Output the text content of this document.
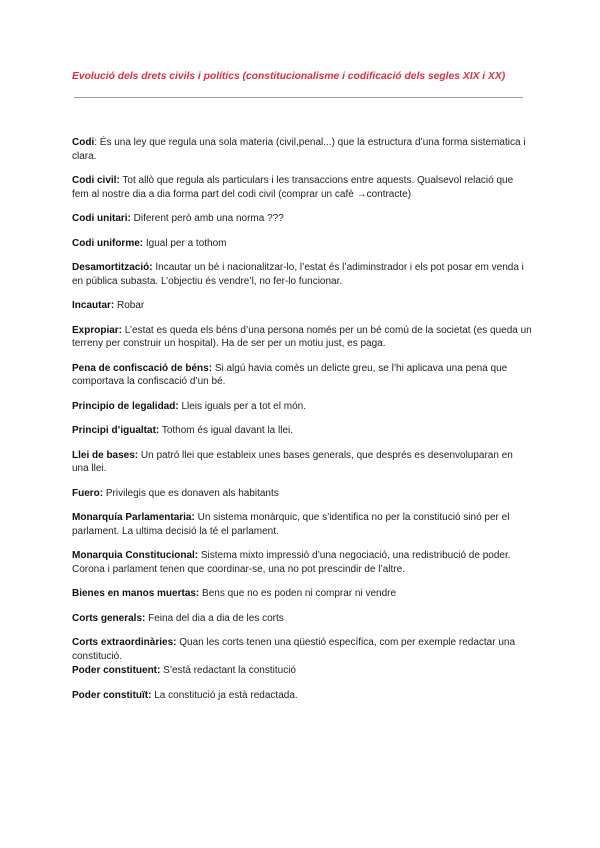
Evolució dels drets civils i polítics (constitucionalisme i codificació dels segles XIX i XX)

Codi: És una ley que regula una sola materia (civil,penal...) que la estructura d’una forma sistematica i clara.

Codi civil: Tot allò que regula als particulars i les transaccions entre aquests. Qualsevol relació que fem al nostre dia a dia forma part del codi civil (comprar un cafè →contracte)

Codi unitari: Diferent però amb una norma ???

Codi uniforme: Igual per a tothom

Desamortització: Incautar un bé i nacionalitzar-lo, l’estat és l’adiminstrador i els pot posar em venda i en pública subasta. L’objectiu és vendre’l, no fer-lo funcionar.

Incautar: Robar

Expropiar: L’estat es queda els béns d’una persona només per un bé comú de la societat (es queda un terreny per construir un hospital). Ha de ser per un motiu just, es paga.

Pena de confiscació de béns: Si algú havia comès un delicte greu, se l’hi aplicava una pena que comportava la confiscació d’un bé.

Principio de legalidad: Lleis iguals per a tot el món.

Principi d’igualtat: Tothom és igual davant la llei.

Llei de bases: Un patró llei que estableix unes bases generals, que després es desenvoluparan en una llei.

Fuero: Privilegis que es donaven als habitants

Monarquía Parlamentaria: Un sistema monàrquic, que s’identifica no per la constitució sinó per el parlament. La ultima decisió la té el parlament.

Monarquia Constitucional: Sistema mixto impressió d’una negociació, una redistribució de poder. Corona i parlament tenen que coordinar-se, una no pot prescindir de l’altre.

Bienes en manos muertas: Bens que no es poden ni comprar ni vendre

Corts generals: Feina del dia a dia de les corts

Corts extraordinàries: Quan les corts tenen una qüestió específica, com per exemple redactar una constitució.

Poder constituent: S’està redactant la constitució

Poder constituït: La constitució ja està redactada.
